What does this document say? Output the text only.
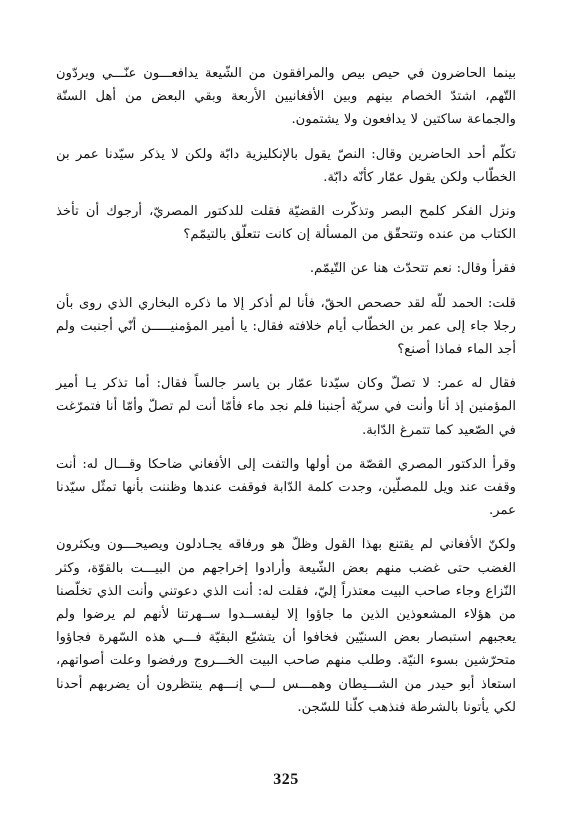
بينما الحاضرون في حيص بيص والمرافقون من الشّيعة يدافعـــون عنّـــي ويردّون التّهم، اشتدّ الخصام بينهم وبين الأفغانيين الأربعة وبقي البعض من أهل السنّة والجماعة ساكتين لا يدافعون ولا يشتمون.

تكلّم أحد الحاضرين وقال: النصّ يقول بالإنكليزية دابّة ولكن لا يذكر سيّدنا عمر بن الخطّاب ولكن يقول عمّار كأنّه دابّة.

ونزل الفكر كلمح البصر وتذكّرت القضيّة فقلت للدكتور المصريّ، أرجوك أن تأخذ الكتاب من عنده وتتحقّق من المسألة إن كانت تتعلّق بالتيمّم؟

فقرأ وقال: نعم تتحدّث هنا عن التّيمّم.

قلت: الحمد للّه لقد حصحص الحقّ، فأنا لم أذكر إلا ما ذكره البخاري الذي روى بأن رجلا جاء إلى عمر بن الخطّاب أيام خلافته فقال: يا أمير المؤمنيـــــن أنّي أجنبت ولم أجد الماء فماذا أصنع؟

فقال له عمر: لا تصلّ وكان سيّدنا عمّار بن ياسر جالساً فقال: أما تذكر يـا أمير المؤمنين إذ أنا وأنت في سريّة أجنبنا فلم نجد ماء فأمّا أنت لم تصلّ وأمّا أنا فتمرّغت في الصّعيد كما تتمرغ الدّابة.

وقرأ الدكتور المصري القصّة من أولها والتفت إلى الأفغاني ضاحكا وقـــال له: أنت وقفت عند ويل للمصلّين، وجدت كلمة الدّابة فوقفت عندها وظننت بأنها تمثّل سيّدنا عمر.

ولكنّ الأفغاني لم يقتنع بهذا القول وظلّ هو ورفاقه يجـادلون ويصيحـــون ويكثرون الغضب حتى غضب منهم بعض الشّيعة وأرادوا إخراجهم من البيـــت بالقوّة، وكثر النّزاع وجاء صاحب البيت معتذراً إليّ، فقلت له: أنت الذي دعوتني وأنت الذي تخلّصنا من هؤلاء المشعوذين الذين ما جاؤوا إلا ليفســدوا ســهرتنا لأنهم لم يرضوا ولم يعجبهم استبصار بعض السنيّين فخافوا أن يتشيّع البقيّة فـــي هذه السّهرة فجاؤوا متحرّشين بسوء النيّة. وطلب منهم صاحب البيت الخـــروج ورفضوا وعلت أصواتهم، استعاذ أبو حيدر من الشـــيطان وهمـــس لـــي إنـــهم ينتظرون أن يضربهم أحدنا لكي يأتونا بالشرطة فنذهب كلّنا للسّجن.

325
